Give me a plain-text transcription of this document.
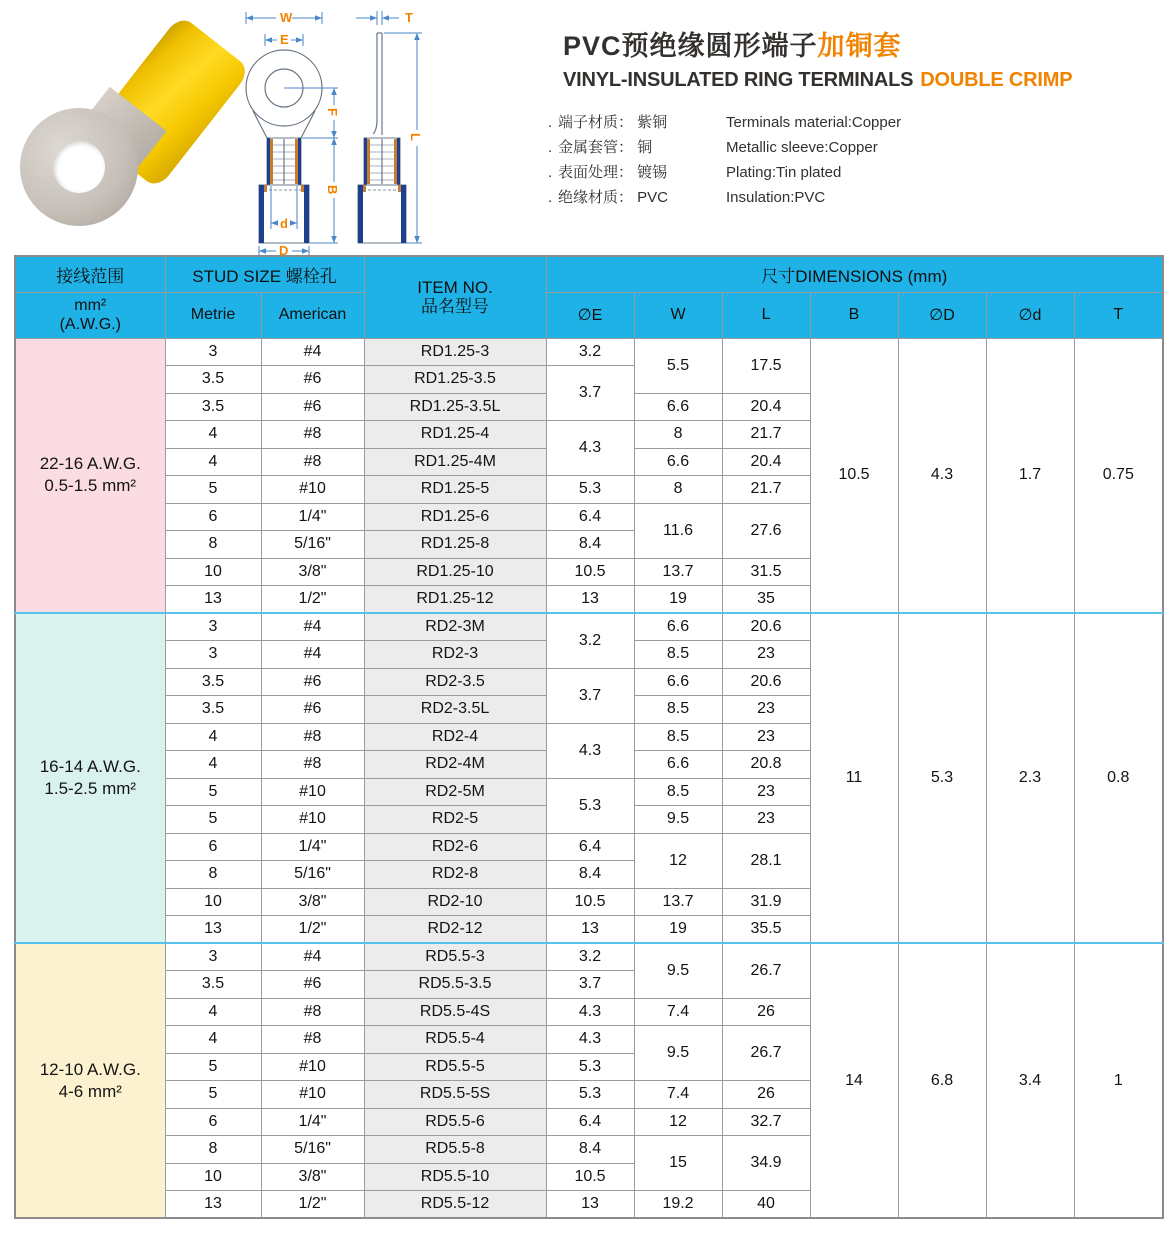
W
E
F
B
d
D
T
L
PVC预绝缘圆形端子加铜套
VINYL-INSULATED RING TERMINALS DOUBLE CRIMP
. 端子材质： 紫铜	Terminals material:Copper
. 金属套管： 铜	Metallic sleeve:Copper
. 表面处理： 镀锡	Plating:Tin plated
. 绝缘材质： PVC	Insulation:PVC
接线范围	STUD SIZE 螺栓孔		ITEM NO.
品名型号	尺寸DIMENSIONS (mm)						

mm²
(A.W.G.)	Metrie	American		∅E	W	L	B	∅D	∅d	T

22-16 A.W.G.
0.5-1.5 mm²	3	#4	RD1.25-3	3.2	5.5	17.5	10.5	4.3	1.7	0.75
	3.5	#6	RD1.25-3.5	3.7						
	3.5	#6	RD1.25-3.5L		6.6	20.4				
	4	#8	RD1.25-4	4.3	8	21.7				
	4	#8	RD1.25-4M		6.6	20.4				
	5	#10	RD1.25-5	5.3	8	21.7				
	6	1/4"	RD1.25-6	6.4	11.6	27.6				
	8	5/16"	RD1.25-8	8.4						
	10	3/8"	RD1.25-10	10.5	13.7	31.5				
	13	1/2"	RD1.25-12	13	19	35				

16-14 A.W.G.
1.5-2.5 mm²	3	#4	RD2-3M	3.2	6.6	20.6	11	5.3	2.3	0.8
	3	#4	RD2-3		8.5	23				
	3.5	#6	RD2-3.5	3.7	6.6	20.6				
	3.5	#6	RD2-3.5L		8.5	23				
	4	#8	RD2-4	4.3	8.5	23				
	4	#8	RD2-4M		6.6	20.8				
	5	#10	RD2-5M	5.3	8.5	23				
	5	#10	RD2-5		9.5	23				
	6	1/4"	RD2-6	6.4	12	28.1				
	8	5/16"	RD2-8	8.4						
	10	3/8"	RD2-10	10.5	13.7	31.9				
	13	1/2"	RD2-12	13	19	35.5				

12-10 A.W.G.
4-6 mm²	3	#4	RD5.5-3	3.2	9.5	26.7	14	6.8	3.4	1
	3.5	#6	RD5.5-3.5	3.7						
	4	#8	RD5.5-4S	4.3	7.4	26				
	4	#8	RD5.5-4	4.3	9.5	26.7				
	5	#10	RD5.5-5	5.3						
	5	#10	RD5.5-5S	5.3	7.4	26				
	6	1/4"	RD5.5-6	6.4	12	32.7				
	8	5/16"	RD5.5-8	8.4	15	34.9				
	10	3/8"	RD5.5-10	10.5						
	13	1/2"	RD5.5-12	13	19.2	40				
